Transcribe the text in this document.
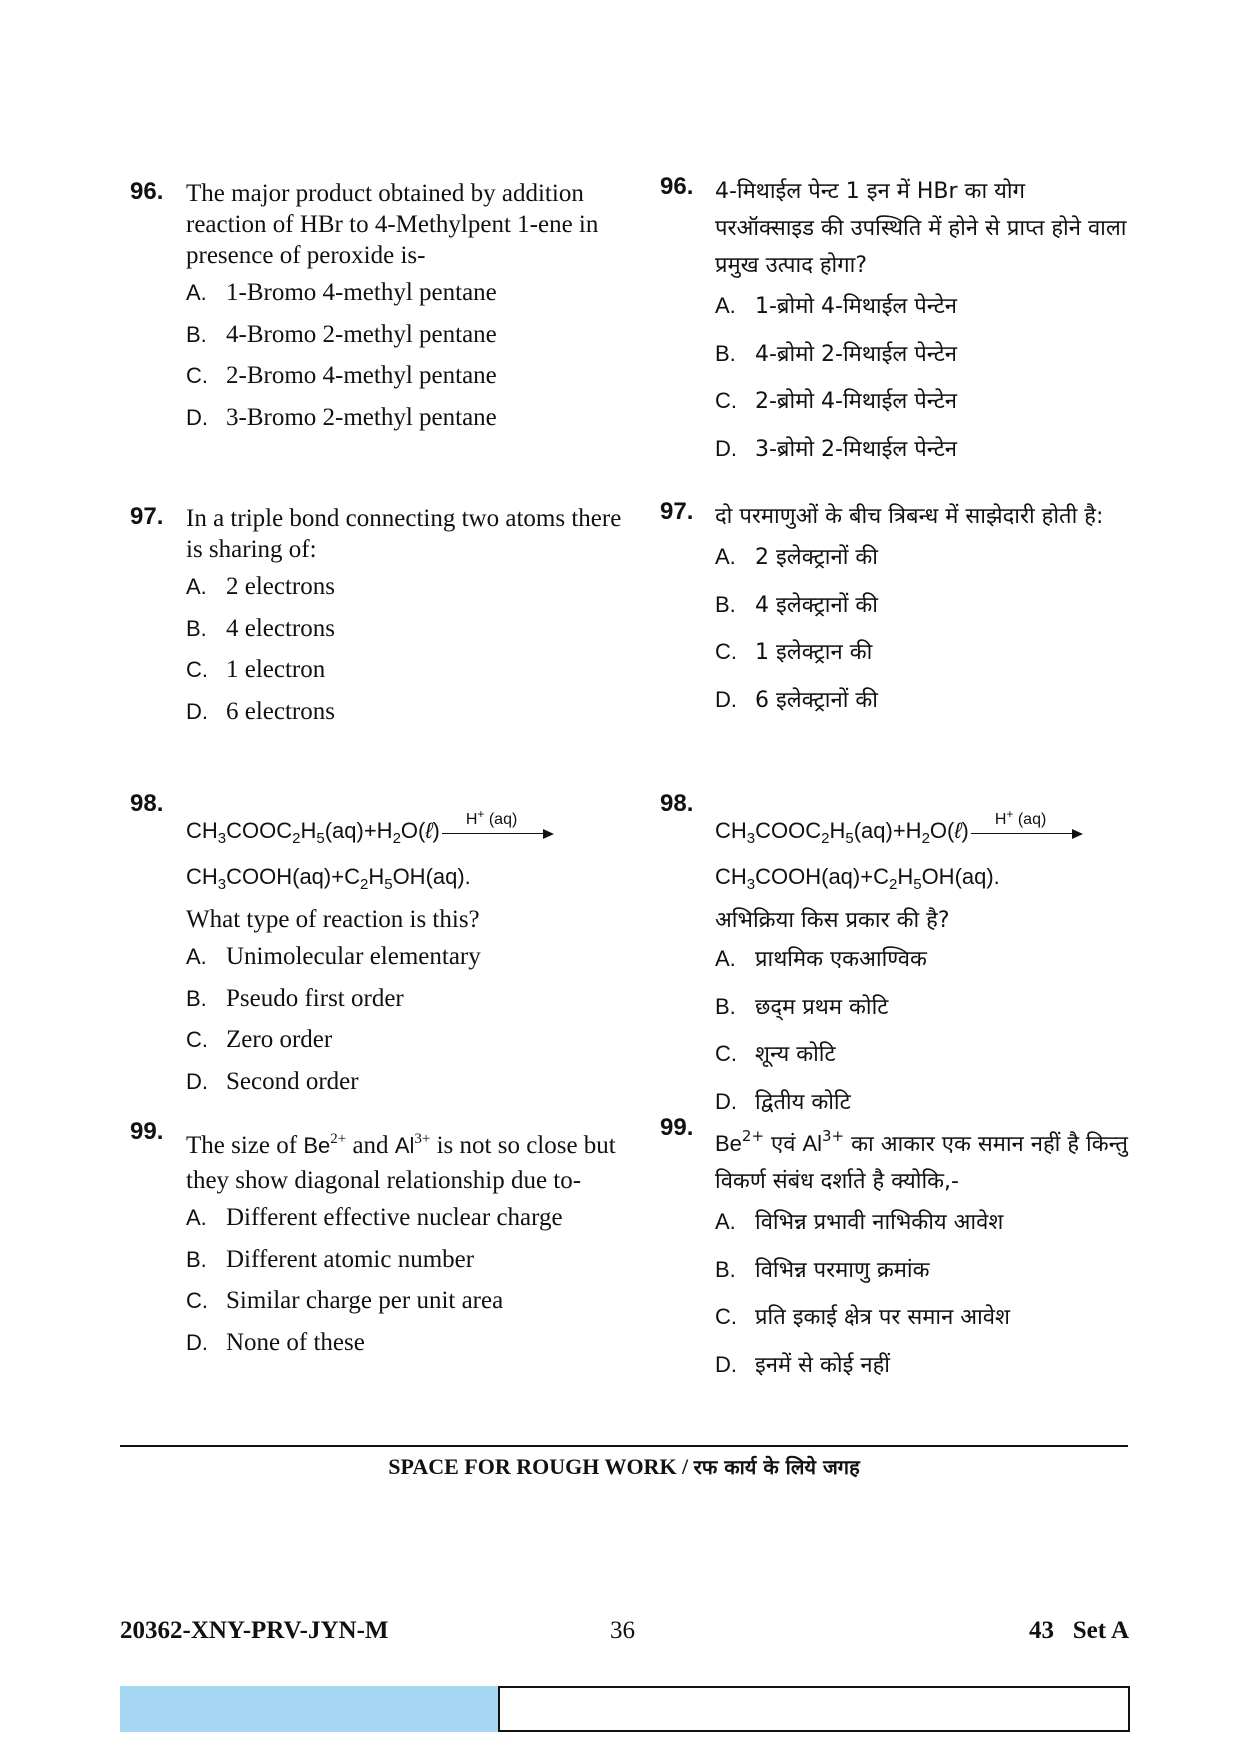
96. The major product obtained by addition reaction of HBr to 4-Methylpent 1-ene in presence of peroxide is-
A. 1-Bromo 4-methyl pentane
B. 4-Bromo 2-methyl pentane
C. 2-Bromo 4-methyl pentane
D. 3-Bromo 2-methyl pentane
97. In a triple bond connecting two atoms there is sharing of:
A. 2 electrons
B. 4 electrons
C. 1 electron
D. 6 electrons
98.
$CH_3COOC_2H_5(aq)+H_2O(\ell)$ H+ (aq)
$CH_3COOH(aq)+C_2H_5OH(aq)$.
What type of reaction is this?
A. Unimolecular elementary
B. Pseudo first order
C. Zero order
D. Second order
99.
The size of $Be^{2+}$ and $Al^{3+}$ is not so close but they show diagonal relationship due to-
A. Different effective nuclear charge
B. Different atomic number
C. Similar charge per unit area
D. None of these
96. 4-मिथाईल पेन्ट 1 इन में HBr का योग परऑक्साइड की उपस्थिति में होने से प्राप्त होने वाला प्रमुख उत्पाद होगा?
A. 1-ब्रोमो 4-मिथाईल पेन्टेन
B. 4-ब्रोमो 2-मिथाईल पेन्टेन
C. 2-ब्रोमो 4-मिथाईल पेन्टेन
D. 3-ब्रोमो 2-मिथाईल पेन्टेन
97. दो परमाणुओं के बीच त्रिबन्ध में साझेदारी होती है:
A. 2 इलेक्ट्रानों की
B. 4 इलेक्ट्रानों की
C. 1 इलेक्ट्रान की
D. 6 इलेक्ट्रानों की
98.
$CH_3COOC_2H_5(aq)+H_2O(\ell)$ H+ (aq)
$CH_3COOH(aq)+C_2H_5OH(aq)$.
अभिक्रिया किस प्रकार की है?
A. प्राथमिक एकआण्विक
B. छद्‌म प्रथम कोटि
C. शून्य कोटि
D. द्वितीय कोटि
99.
$Be^{2+}$ एवं $Al^{3+}$ का आकार एक समान नहीं है किन्तु विकर्ण संबंध दर्शाते है क्योकि,-
A. विभिन्न प्रभावी नाभिकीय आवेश
B. विभिन्न परमाणु क्रमांक
C. प्रति इकाई क्षेत्र पर समान आवेश
D. इनमें से कोई नहीं
SPACE FOR ROUGH WORK / रफ कार्य के लिये जगह
20362-XNY-PRV-JYN-M	36	43   Set A
